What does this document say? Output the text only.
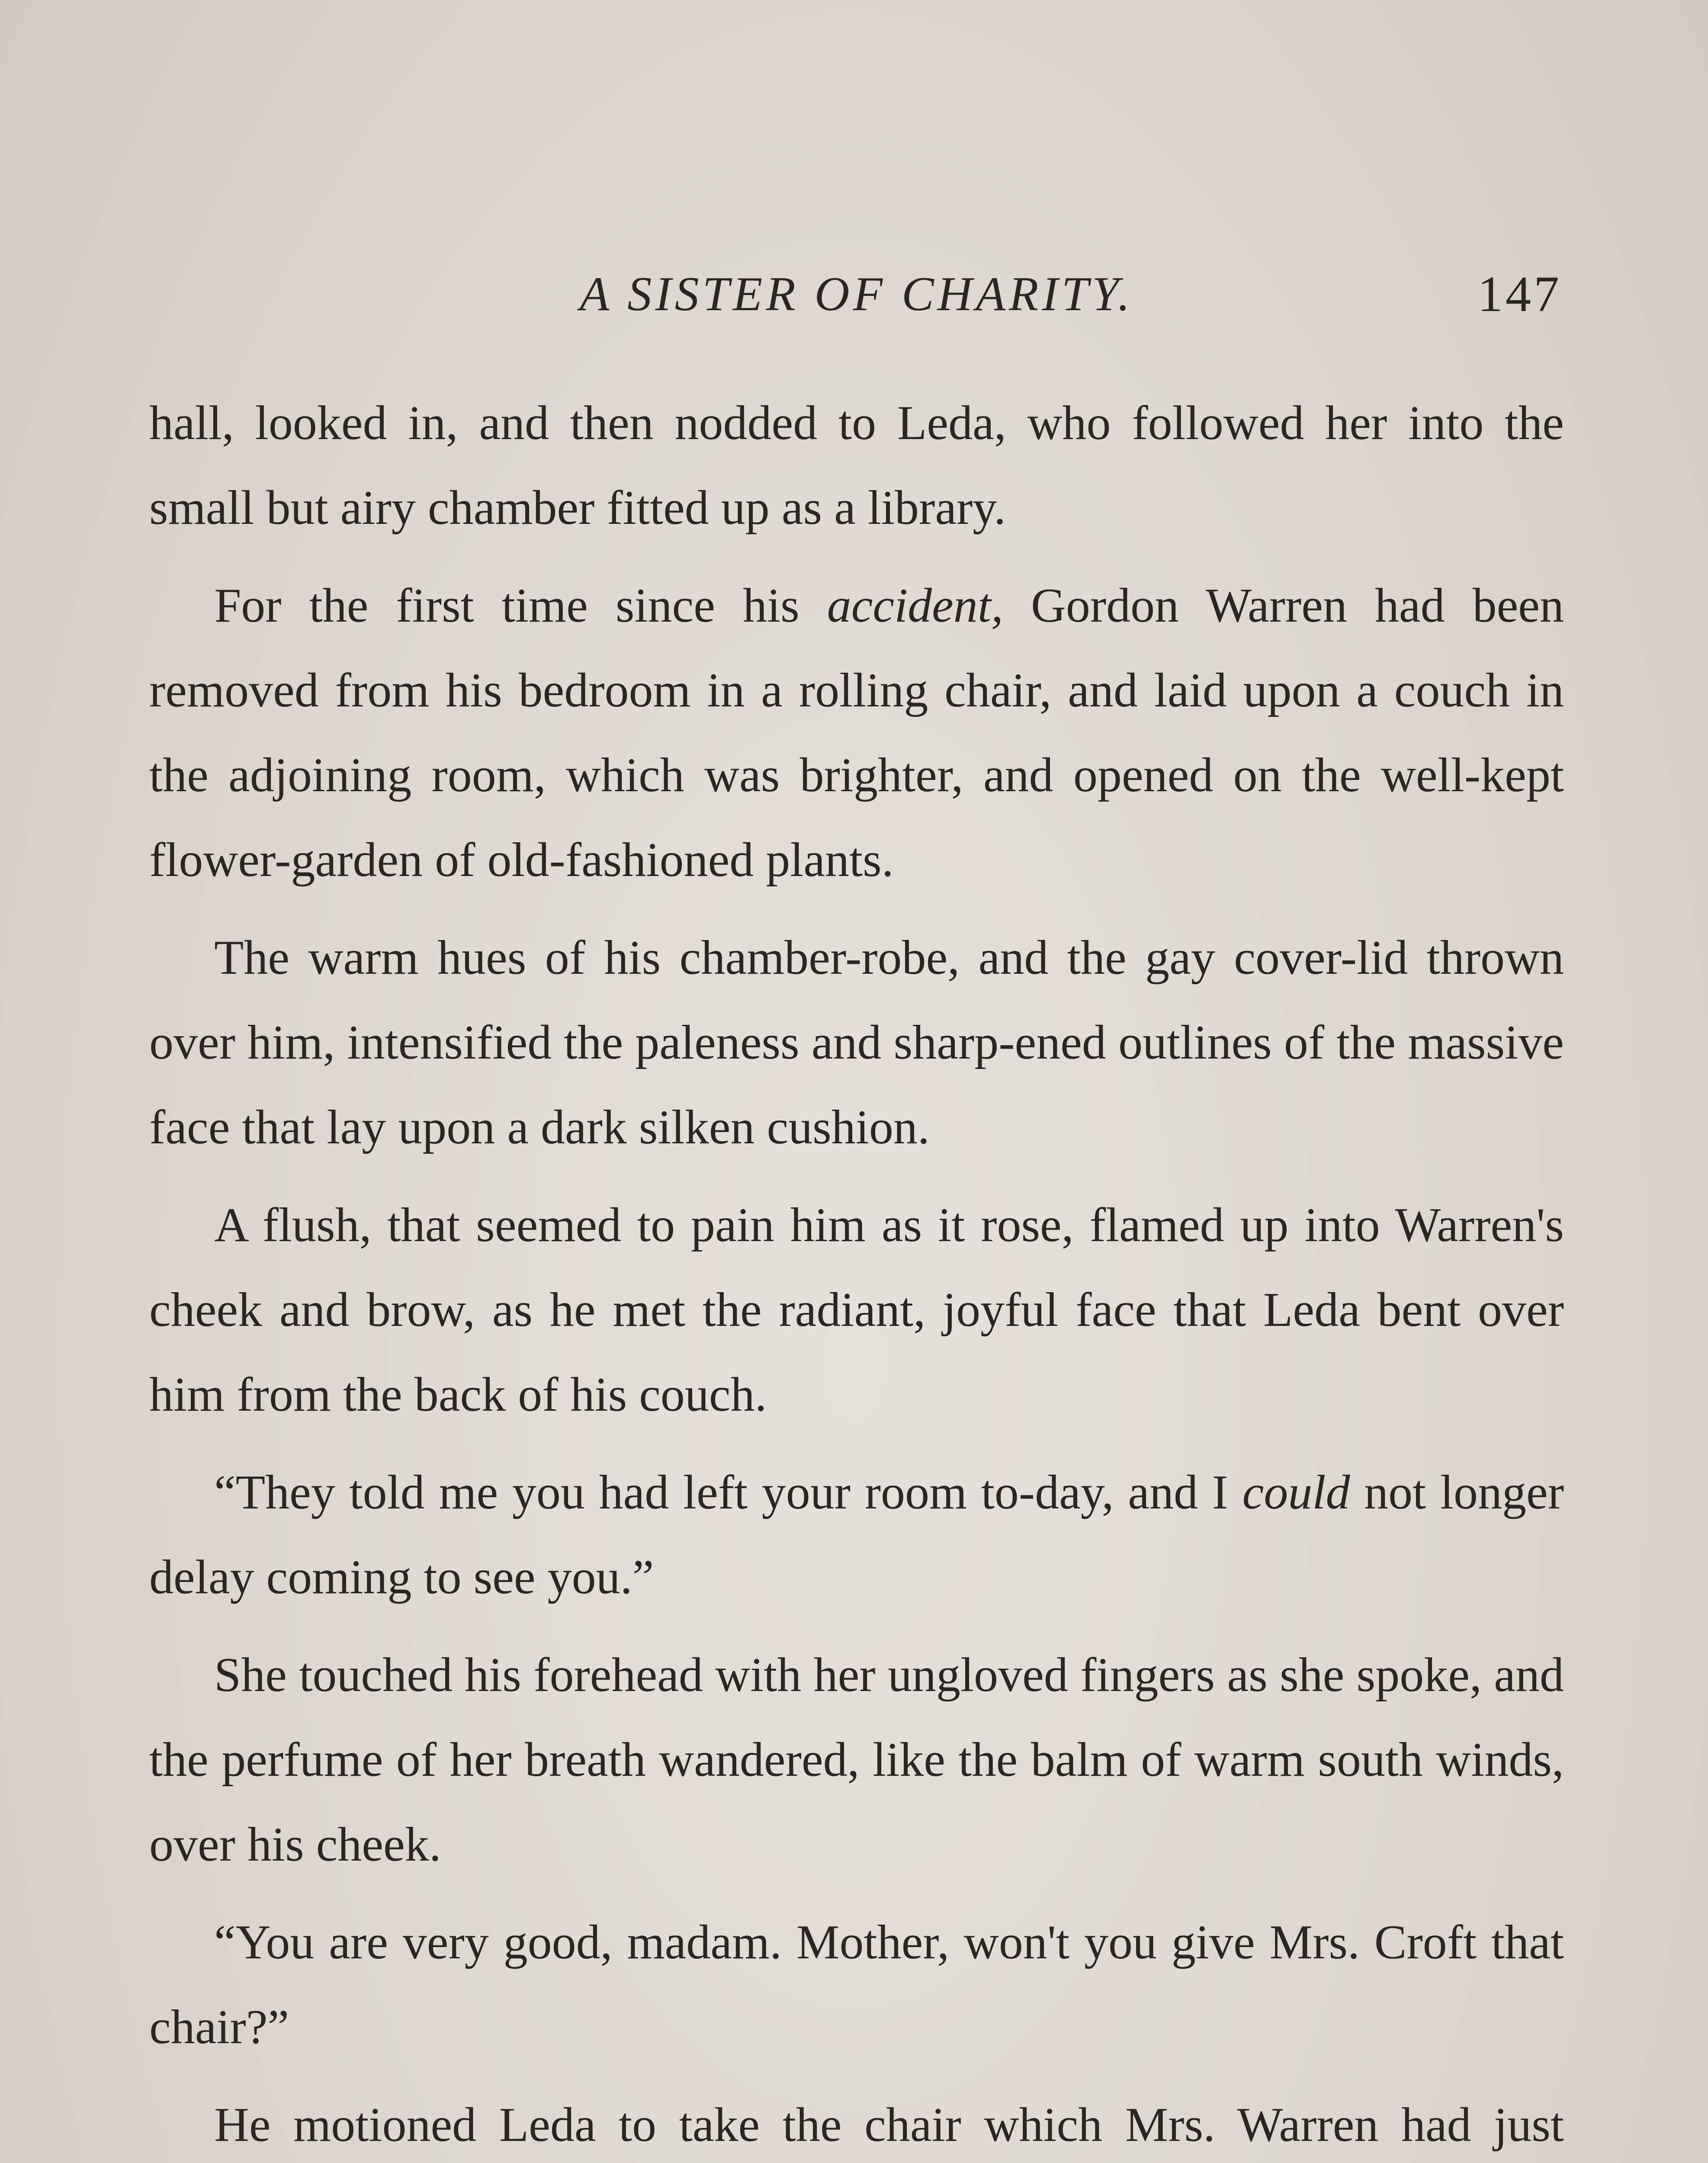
A SISTER OF CHARITY.	147

hall, looked in, and then nodded to Leda, who followed her into the small but airy chamber fitted up as a library.

For the first time since his accident, Gordon Warren had been removed from his bedroom in a rolling chair, and laid upon a couch in the adjoining room, which was brighter, and opened on the well-kept flower-garden of old-fashioned plants.

The warm hues of his chamber-robe, and the gay cover-lid thrown over him, intensified the paleness and sharp-ened outlines of the massive face that lay upon a dark silken cushion.

A flush, that seemed to pain him as it rose, flamed up into Warren's cheek and brow, as he met the radiant, joyful face that Leda bent over him from the back of his couch.

“They told me you had left your room to-day, and I could not longer delay coming to see you.”

She touched his forehead with her ungloved fingers as she spoke, and the perfume of her breath wandered, like the balm of warm south winds, over his cheek.

“You are very good, madam. Mother, won't you give Mrs. Croft that chair?”

He motioned Leda to take the chair which Mrs. Warren had just
